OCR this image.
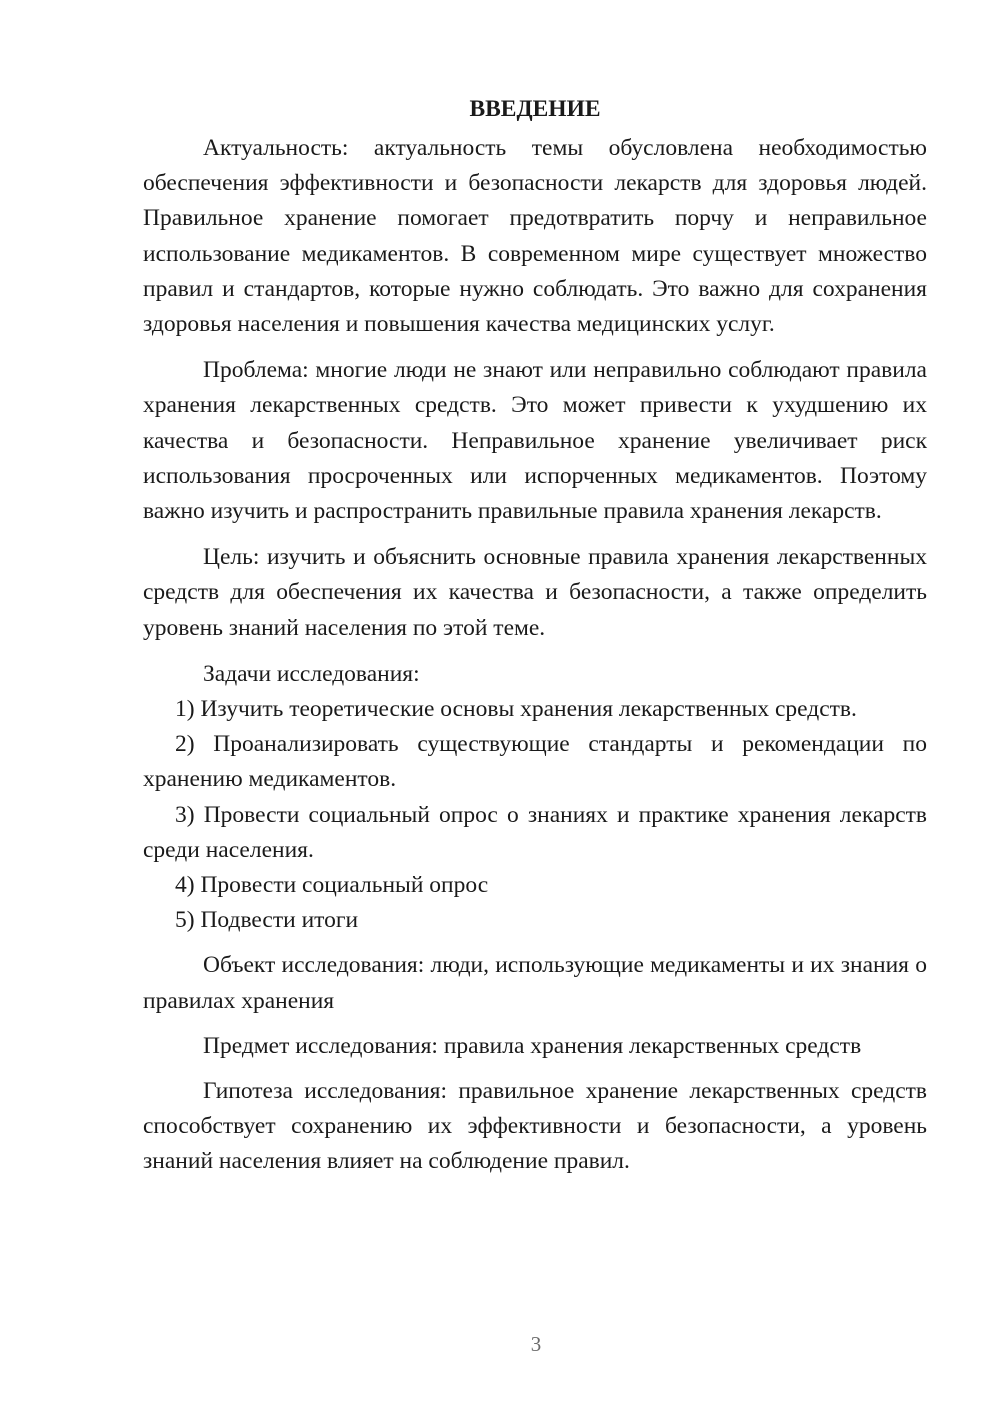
ВВЕДЕНИЕ

Актуальность: актуальность темы обусловлена необходимостью обеспечения эффективности и безопасности лекарств для здоровья людей. Правильное хранение помогает предотвратить порчу и неправильное использование медикаментов. В современном мире существует множество правил и стандартов, которые нужно соблюдать. Это важно для сохранения здоровья населения и повышения качества медицинских услуг.

Проблема: многие люди не знают или неправильно соблюдают правила хранения лекарственных средств. Это может привести к ухудшению их качества и безопасности. Неправильное хранение увеличивает риск использования просроченных или испорченных медикаментов. Поэтому важно изучить и распространить правильные правила хранения лекарств.

Цель: изучить и объяснить основные правила хранения лекарственных средств для обеспечения их качества и безопасности, а также определить уровень знаний населения по этой теме.

Задачи исследования:

1) Изучить теоретические основы хранения лекарственных средств.

2) Проанализировать существующие стандарты и рекомендации по хранению медикаментов.

3) Провести социальный опрос о знаниях и практике хранения лекарств среди населения.

4) Провести социальный опрос

5) Подвести итоги

Объект исследования: люди, использующие медикаменты и их знания о правилах хранения

Предмет исследования: правила хранения лекарственных средств

Гипотеза исследования: правильное хранение лекарственных средств способствует сохранению их эффективности и безопасности, а уровень знаний населения влияет на соблюдение правил.

3
